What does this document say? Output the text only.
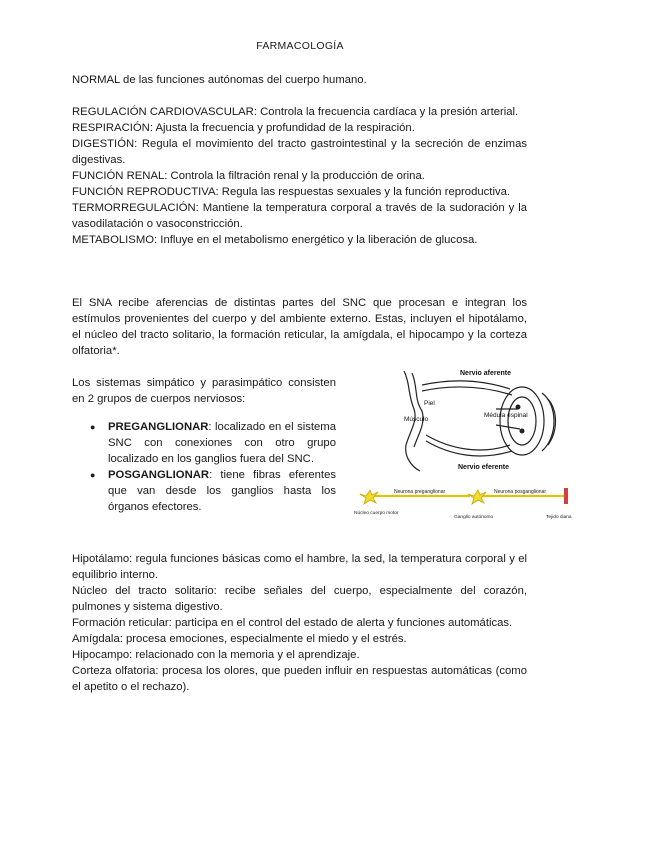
FARMACOLOGÍA

NORMAL de las funciones autónomas del cuerpo humano.

REGULACIÓN CARDIOVASCULAR: Controla la frecuencia cardíaca y la presión arterial.

RESPIRACIÓN: Ajusta la frecuencia y profundidad de la respiración.

DIGESTIÓN: Regula el movimiento del tracto gastrointestinal y la secreción de enzimas digestivas.

FUNCIÓN RENAL: Controla la filtración renal y la producción de orina.

FUNCIÓN REPRODUCTIVA: Regula las respuestas sexuales y la función reproductiva.

TERMORREGULACIÓN: Mantiene la temperatura corporal a través de la sudoración y la vasodilatación o vasoconstricción.

METABOLISMO: Influye en el metabolismo energético y la liberación de glucosa.

El SNA recibe aferencias de distintas partes del SNC que procesan e integran los estímulos provenientes del cuerpo y del ambiente externo. Estas, incluyen el hipotálamo, el núcleo del tracto solitario, la formación reticular, la amígdala, el hipocampo y la corteza olfatoria*.

Los sistemas simpático y parasimpático consisten en 2 grupos de cuerpos nerviosos:

● PREGANGLIONAR: localizado en el sistema SNC con conexiones con otro grupo localizado en los ganglios fuera del SNC.
● POSGANGLIONAR: tiene fibras eferentes que van desde los ganglios hasta los órganos efectores.
Nervio aferente
Piel
Músculo
Médula espinal
Nervio eferente
Neurona preganglionar	Neurona posganglionar
Núcleo cuerpo motor
Ganglio autónomo	Tejido diana

Hipotálamo: regula funciones básicas como el hambre, la sed, la temperatura corporal y el equilibrio interno.

Núcleo del tracto solitario: recibe señales del cuerpo, especialmente del corazón, pulmones y sistema digestivo.

Formación reticular: participa en el control del estado de alerta y funciones automáticas.

Amígdala: procesa emociones, especialmente el miedo y el estrés.

Hipocampo: relacionado con la memoria y el aprendizaje.

Corteza olfatoria: procesa los olores, que pueden influir en respuestas automáticas (como el apetito o el rechazo).
